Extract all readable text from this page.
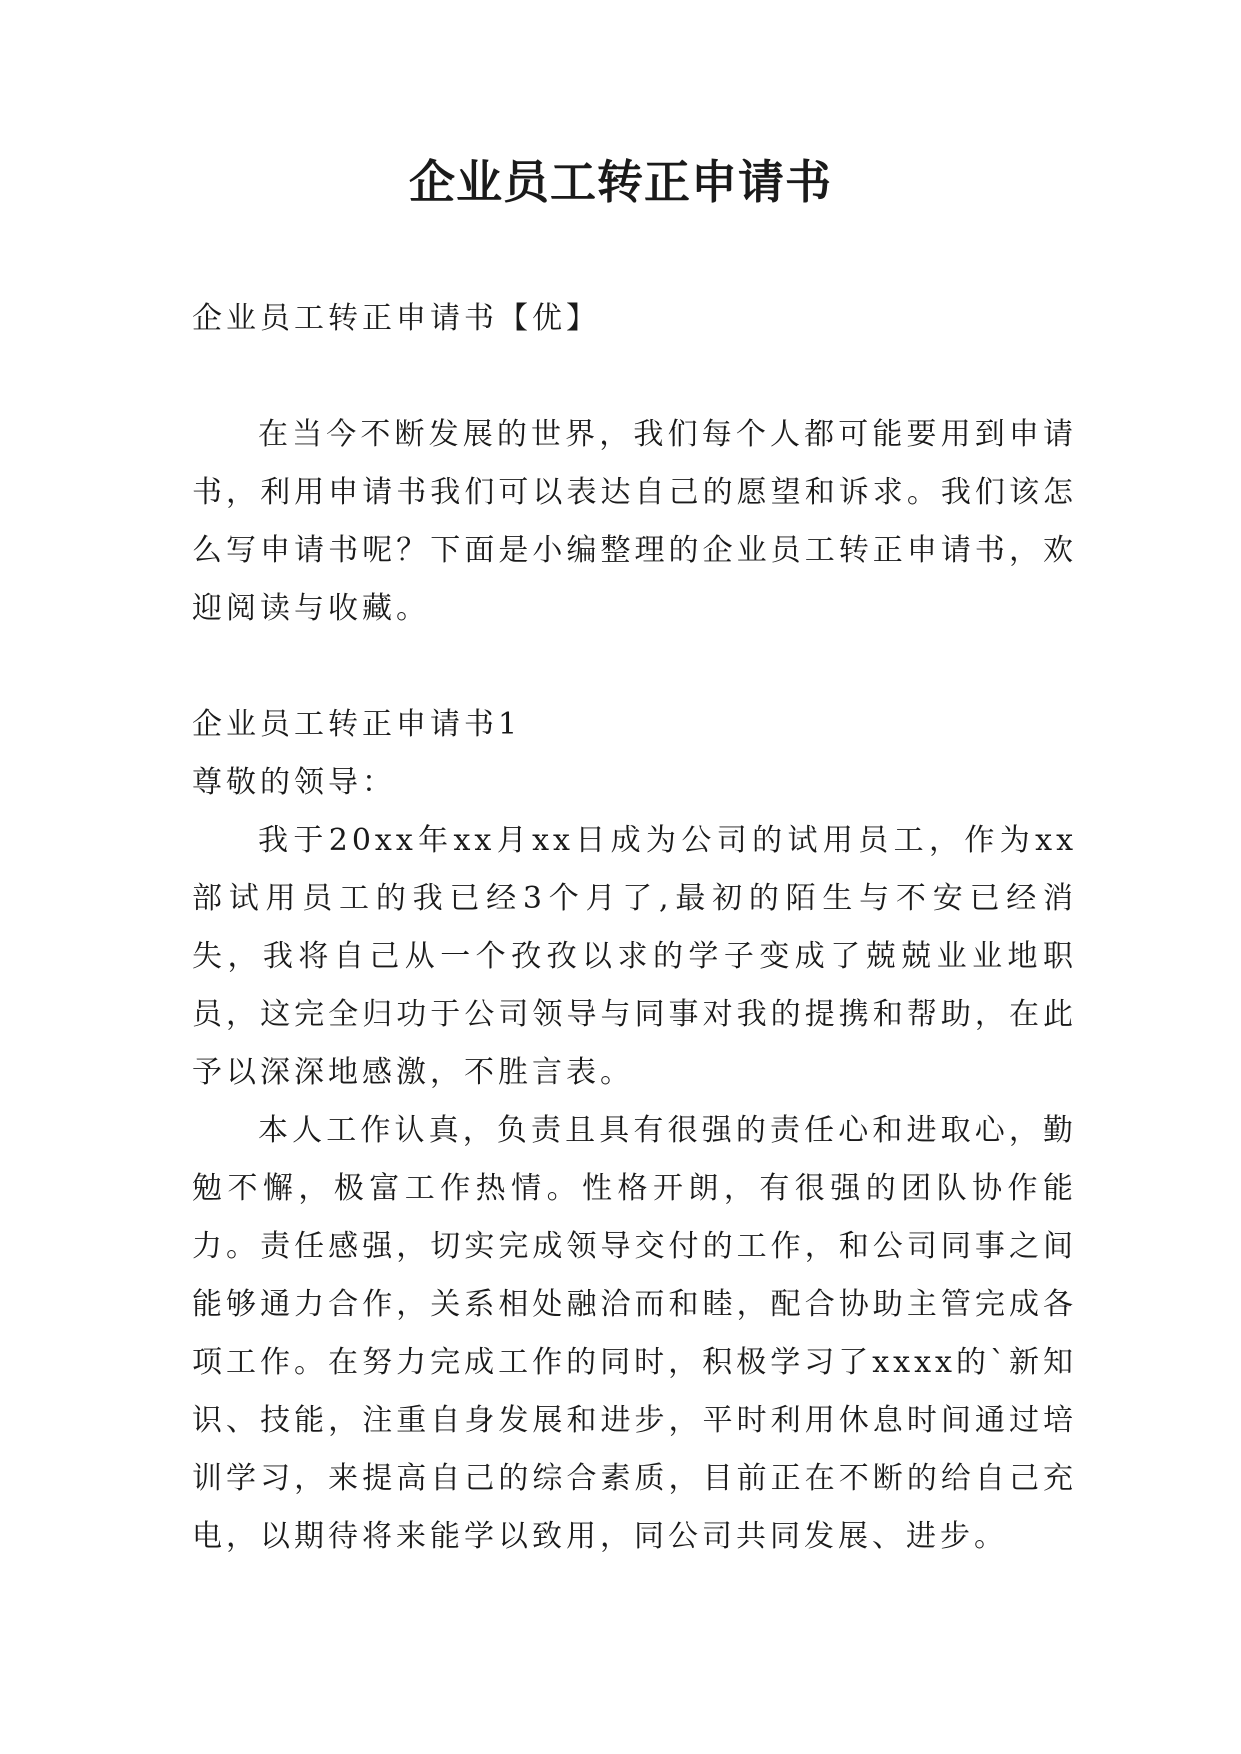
企业员工转正申请书

企业员工转正申请书【优】

在当今不断发展的世界，我们每个人都可能要用到申请书，利用申请书我们可以表达自己的愿望和诉求。我们该怎么写申请书呢？下面是小编整理的企业员工转正申请书，欢迎阅读与收藏。

企业员工转正申请书1

尊敬的领导：

我于20xx年xx月xx日成为公司的试用员工，作为xx部试用员工的我已经3个月了,最初的陌生与不安已经消失，我将自己从一个孜孜以求的学子变成了兢兢业业地职员，这完全归功于公司领导与同事对我的提携和帮助，在此予以深深地感激，不胜言表。

本人工作认真，负责且具有很强的责任心和进取心，勤勉不懈，极富工作热情。性格开朗，有很强的团队协作能力。责任感强，切实完成领导交付的工作，和公司同事之间能够通力合作，关系相处融洽而和睦，配合协助主管完成各项工作。在努力完成工作的同时，积极学习了xxxx的`新知识、技能，注重自身发展和进步，平时利用休息时间通过培训学习，来提高自己的综合素质，目前正在不断的给自己充电，以期待将来能学以致用，同公司共同发展、进步。
